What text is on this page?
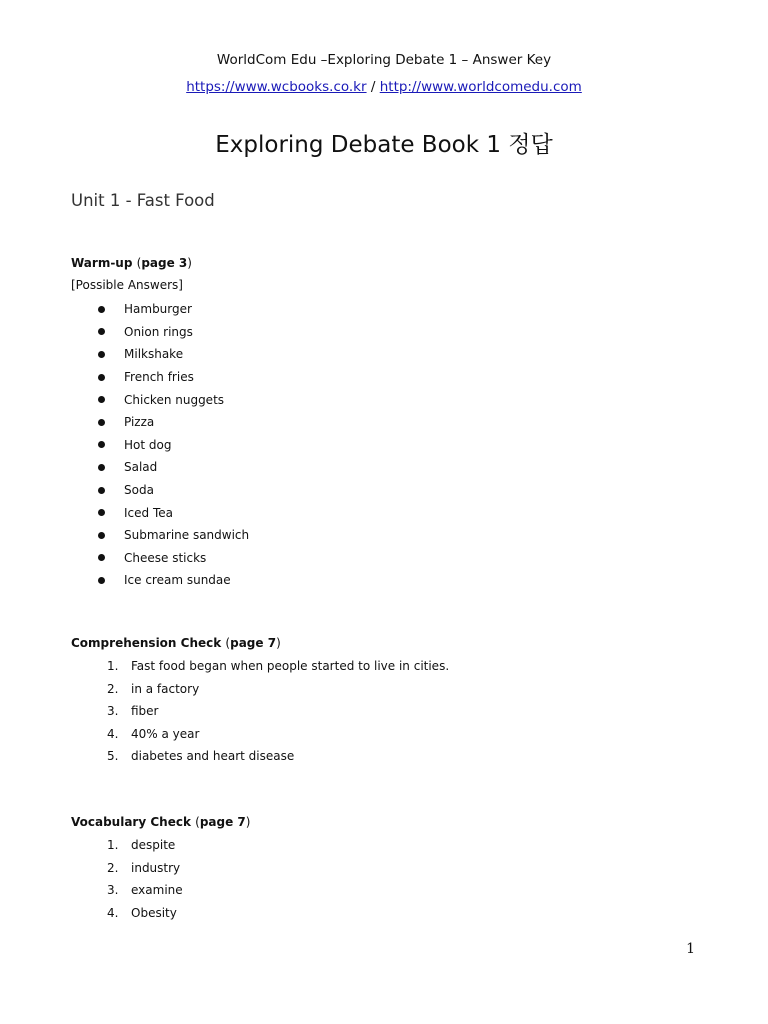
WorldCom Edu –Exploring Debate 1 – Answer Key
https://www.wcbooks.co.kr / http://www.worldcomedu.com
Exploring Debate Book 1 정답
Unit 1 - Fast Food
Warm-up (page 3)
[Possible Answers]
Hamburger
Onion rings
Milkshake
French fries
Chicken nuggets
Pizza
Hot dog
Salad
Soda
Iced Tea
Submarine sandwich
Cheese sticks
Ice cream sundae
Comprehension Check (page 7)
1.	Fast food began when people started to live in cities.
2.	in a factory
3.	fiber
4.	40% a year
5.	diabetes and heart disease
Vocabulary Check (page 7)
1.	despite
2.	industry
3.	examine
4.	Obesity
1
